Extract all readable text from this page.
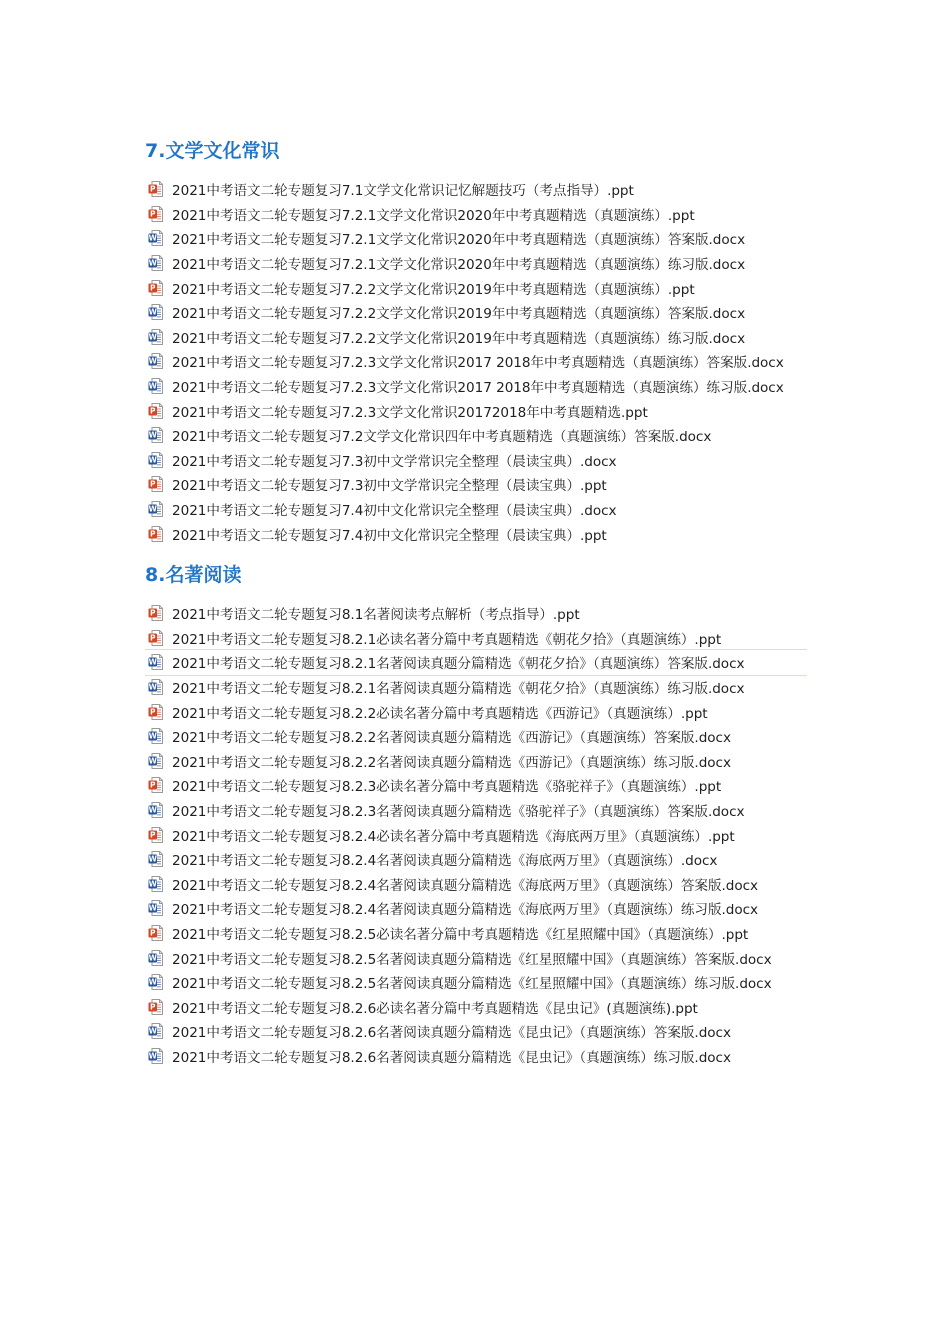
7.文学文化常识
P 2021中考语文二轮专题复习7.1文学文化常识记忆解题技巧（考点指导）.ppt
P 2021中考语文二轮专题复习7.2.1文学文化常识2020年中考真题精选（真题演练）.ppt
W 2021中考语文二轮专题复习7.2.1文学文化常识2020年中考真题精选（真题演练）答案版.docx
W 2021中考语文二轮专题复习7.2.1文学文化常识2020年中考真题精选（真题演练）练习版.docx
P 2021中考语文二轮专题复习7.2.2文学文化常识2019年中考真题精选（真题演练）.ppt
W 2021中考语文二轮专题复习7.2.2文学文化常识2019年中考真题精选（真题演练）答案版.docx
W 2021中考语文二轮专题复习7.2.2文学文化常识2019年中考真题精选（真题演练）练习版.docx
W 2021中考语文二轮专题复习7.2.3文学文化常识2017 2018年中考真题精选（真题演练）答案版.docx
W 2021中考语文二轮专题复习7.2.3文学文化常识2017 2018年中考真题精选（真题演练）练习版.docx
P 2021中考语文二轮专题复习7.2.3文学文化常识20172018年中考真题精选.ppt
W 2021中考语文二轮专题复习7.2文学文化常识四年中考真题精选（真题演练）答案版.docx
W 2021中考语文二轮专题复习7.3初中文学常识完全整理（晨读宝典）.docx
P 2021中考语文二轮专题复习7.3初中文学常识完全整理（晨读宝典）.ppt
W 2021中考语文二轮专题复习7.4初中文化常识完全整理（晨读宝典）.docx
P 2021中考语文二轮专题复习7.4初中文化常识完全整理（晨读宝典）.ppt
8.名著阅读
P 2021中考语文二轮专题复习8.1名著阅读考点解析（考点指导）.ppt
P 2021中考语文二轮专题复习8.2.1必读名著分篇中考真题精选《朝花夕拾》（真题演练）.ppt
W 2021中考语文二轮专题复习8.2.1名著阅读真题分篇精选《朝花夕拾》（真题演练）答案版.docx
W 2021中考语文二轮专题复习8.2.1名著阅读真题分篇精选《朝花夕拾》（真题演练）练习版.docx
P 2021中考语文二轮专题复习8.2.2必读名著分篇中考真题精选《西游记》（真题演练）.ppt
W 2021中考语文二轮专题复习8.2.2名著阅读真题分篇精选《西游记》（真题演练）答案版.docx
W 2021中考语文二轮专题复习8.2.2名著阅读真题分篇精选《西游记》（真题演练）练习版.docx
P 2021中考语文二轮专题复习8.2.3必读名著分篇中考真题精选《骆驼祥子》（真题演练）.ppt
W 2021中考语文二轮专题复习8.2.3名著阅读真题分篇精选《骆驼祥子》（真题演练）答案版.docx
P 2021中考语文二轮专题复习8.2.4必读名著分篇中考真题精选《海底两万里》（真题演练）.ppt
W 2021中考语文二轮专题复习8.2.4名著阅读真题分篇精选《海底两万里》（真题演练）.docx
W 2021中考语文二轮专题复习8.2.4名著阅读真题分篇精选《海底两万里》（真题演练）答案版.docx
W 2021中考语文二轮专题复习8.2.4名著阅读真题分篇精选《海底两万里》（真题演练）练习版.docx
P 2021中考语文二轮专题复习8.2.5必读名著分篇中考真题精选《红星照耀中国》（真题演练）.ppt
W 2021中考语文二轮专题复习8.2.5名著阅读真题分篇精选《红星照耀中国》（真题演练）答案版.docx
W 2021中考语文二轮专题复习8.2.5名著阅读真题分篇精选《红星照耀中国》（真题演练）练习版.docx
P 2021中考语文二轮专题复习8.2.6必读名著分篇中考真题精选《昆虫记》(真题演练).ppt
W 2021中考语文二轮专题复习8.2.6名著阅读真题分篇精选《昆虫记》（真题演练）答案版.docx
W 2021中考语文二轮专题复习8.2.6名著阅读真题分篇精选《昆虫记》（真题演练）练习版.docx
